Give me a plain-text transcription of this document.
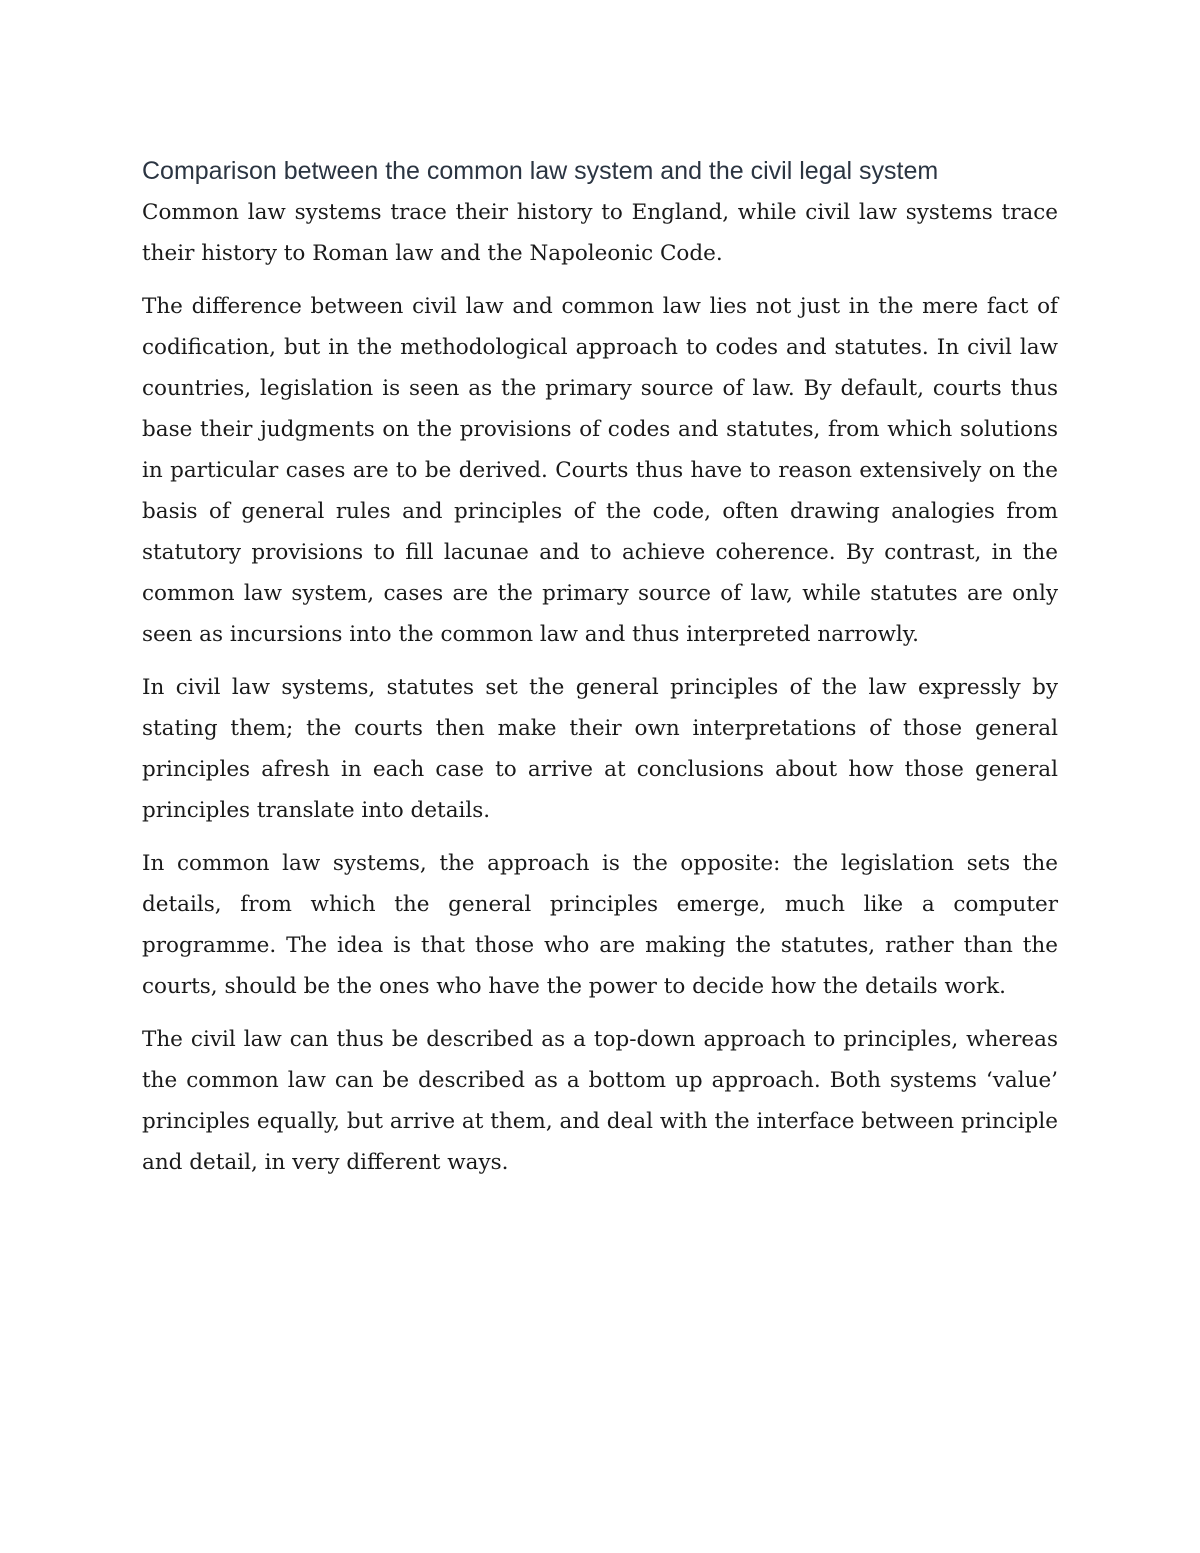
Comparison between the common law system and the civil legal system

Common law systems trace their history to England, while civil law systems trace their history to Roman law and the Napoleonic Code.

The difference between civil law and common law lies not just in the mere fact of codification, but in the methodological approach to codes and statutes. In civil law countries, legislation is seen as the primary source of law. By default, courts thus base their judgments on the provisions of codes and statutes, from which solutions in particular cases are to be derived. Courts thus have to reason extensively on the basis of general rules and principles of the code, often drawing analogies from statutory provisions to fill lacunae and to achieve coherence. By contrast, in the common law system, cases are the primary source of law, while statutes are only seen as incursions into the common law and thus interpreted narrowly.

In civil law systems, statutes set the general principles of the law expressly by stating them; the courts then make their own interpretations of those general principles afresh in each case to arrive at conclusions about how those general principles translate into details.

In common law systems, the approach is the opposite: the legislation sets the details, from which the general principles emerge, much like a computer programme. The idea is that those who are making the statutes, rather than the courts, should be the ones who have the power to decide how the details work.

The civil law can thus be described as a top-down approach to principles, whereas the common law can be described as a bottom up approach. Both systems ‘value’ principles equally, but arrive at them, and deal with the interface between principle and detail, in very different ways.
